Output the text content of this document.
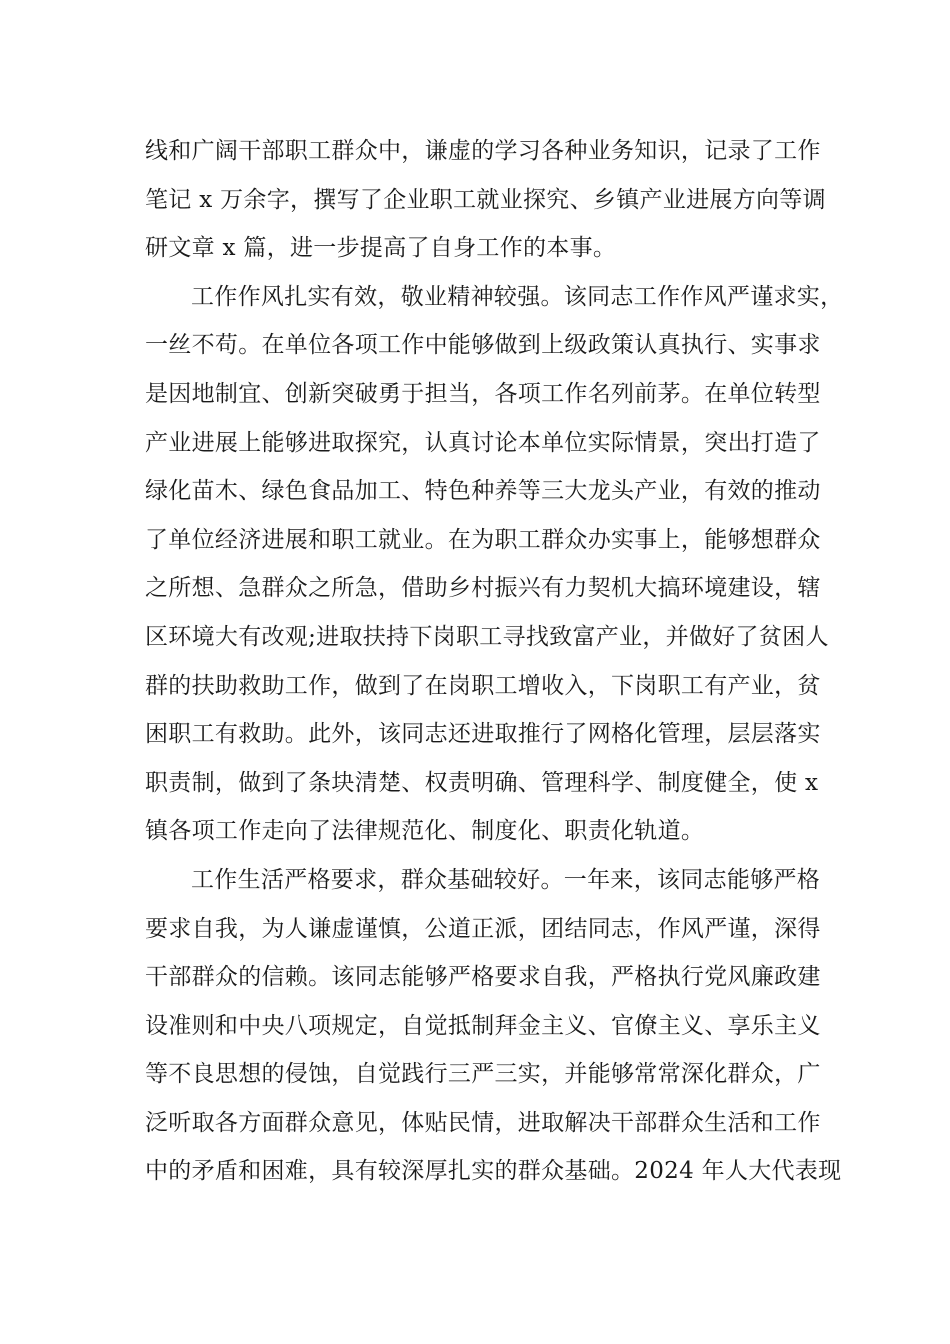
线和广阔干部职工群众中，谦虚的学习各种业务知识，记录了工作
笔记 x 万余字，撰写了企业职工就业探究、乡镇产业进展方向等调
研文章 x 篇，进一步提高了自身工作的本事。
工作作风扎实有效，敬业精神较强。该同志工作作风严谨求实，
一丝不苟。在单位各项工作中能够做到上级政策认真执行、实事求
是因地制宜、创新突破勇于担当，各项工作名列前茅。在单位转型
产业进展上能够进取探究，认真讨论本单位实际情景，突出打造了
绿化苗木、绿色食品加工、特色种养等三大龙头产业，有效的推动
了单位经济进展和职工就业。在为职工群众办实事上，能够想群众
之所想、急群众之所急，借助乡村振兴有力契机大搞环境建设，辖
区环境大有改观;进取扶持下岗职工寻找致富产业，并做好了贫困人
群的扶助救助工作，做到了在岗职工增收入，下岗职工有产业，贫
困职工有救助。此外，该同志还进取推行了网格化管理，层层落实
职责制，做到了条块清楚、权责明确、管理科学、制度健全，使 x
镇各项工作走向了法律规范化、制度化、职责化轨道。
工作生活严格要求，群众基础较好。一年来，该同志能够严格
要求自我，为人谦虚谨慎，公道正派，团结同志，作风严谨，深得
干部群众的信赖。该同志能够严格要求自我，严格执行党风廉政建
设准则和中央八项规定，自觉抵制拜金主义、官僚主义、享乐主义
等不良思想的侵蚀，自觉践行三严三实，并能够常常深化群众，广
泛听取各方面群众意见，体贴民情，进取解决干部群众生活和工作
中的矛盾和困难，具有较深厚扎实的群众基础。2024 年人大代表现
